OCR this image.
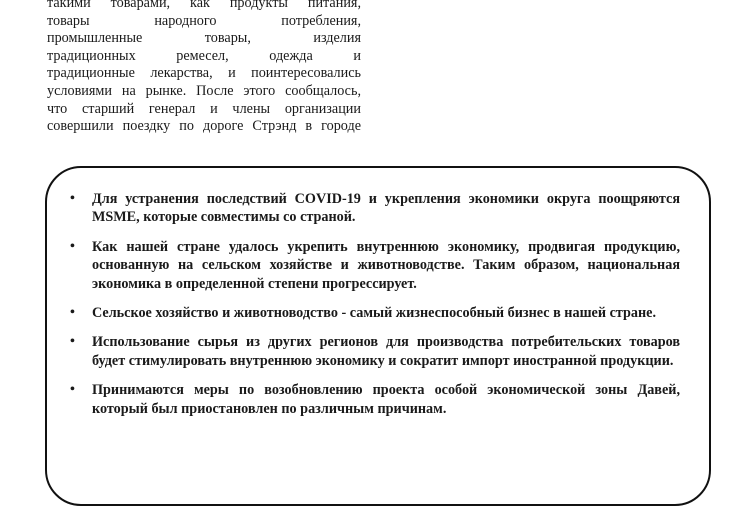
такими товарами, как продукты питания,
товары народного потребления,
промышленные товары, изделия
традиционных ремесел, одежда и
традиционные лекарства, и поинтересовались
условиями на рынке. После этого сообщалось,
что старший генерал и члены организации
совершили поездку по дороге Стрэнд в городе
• Для устранения последствий COVID-19 и укрепления экономики округа поощряются MSME, которые совместимы со страной.
• Как нашей стране удалось укрепить внутреннюю экономику, продвигая продукцию, основанную на сельском хозяйстве и животноводстве. Таким образом, национальная экономика в определенной степени прогрессирует.
• Сельское хозяйство и животноводство - самый жизнеспособный бизнес в нашей стране.
• Использование сырья из других регионов для производства потребительских товаров будет стимулировать внутреннюю экономику и сократит импорт иностранной продукции.
• Принимаются меры по возобновлению проекта особой экономической зоны Давей, который был приостановлен по различным причинам.
